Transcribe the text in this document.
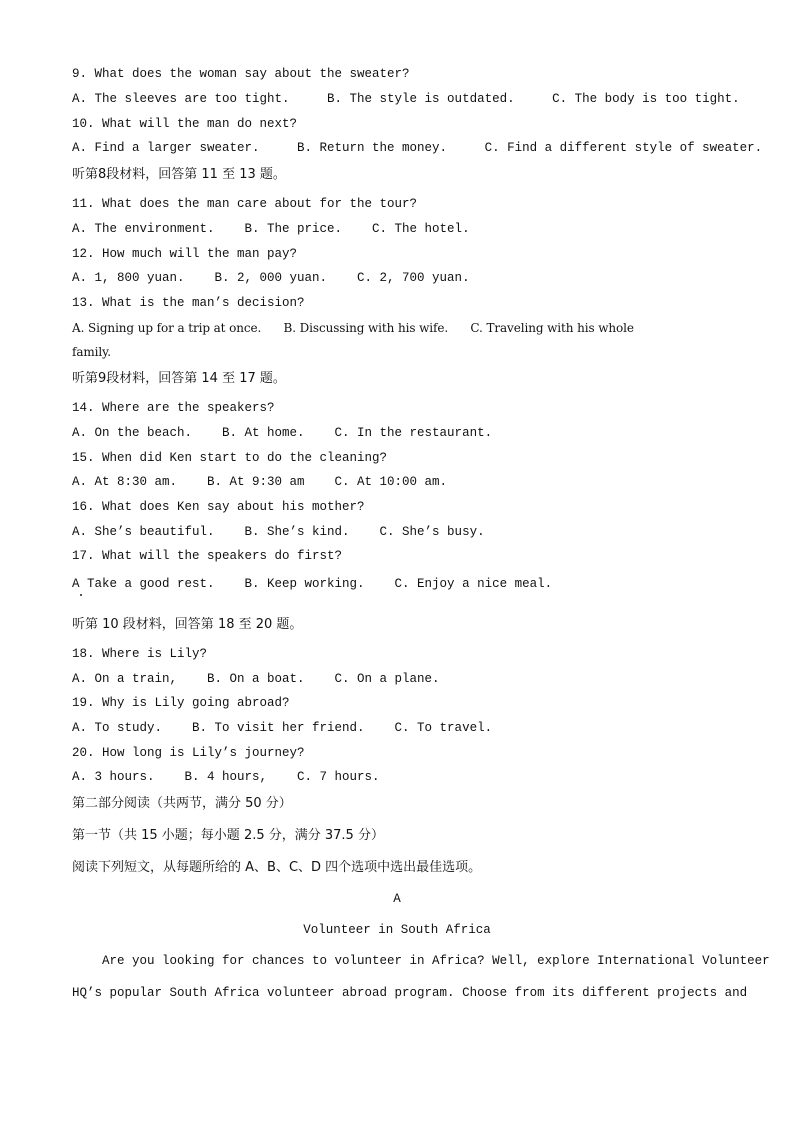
9. What does the woman say about the sweater?
A. The sleeves are too tight.     B. The style is outdated.     C. The body is too tight.
10. What will the man do next?
A. Find a larger sweater.     B. Return the money.     C. Find a different style of sweater.
听第8段材料，回答第 11 至 13 题。
11. What does the man care about for the tour?
A. The environment.    B. The price.    C. The hotel.
12. How much will the man pay?
A. 1, 800 yuan.    B. 2, 000 yuan.    C. 2, 700 yuan.
13. What is the man’s decision?
A. Signing up for a trip at once.      B. Discussing with his wife.      C. Traveling with his whole
family.
听第9段材料，回答第 14 至 17 题。
14. Where are the speakers?
A. On the beach.    B. At home.    C. In the restaurant.
15. When did Ken start to do the cleaning?
A. At 8:30 am.    B. At 9:30 am    C. At 10:00 am.
16. What does Ken say about his mother?
A. She’s beautiful.    B. She’s kind.    C. She’s busy.
17. What will the speakers do first?
A Take a good rest.    B. Keep working.    C. Enjoy a nice meal.
听第 10 段材料，回答第 18 至 20 题。
18. Where is Lily?
A. On a train,    B. On a boat.    C. On a plane.
19. Why is Lily going abroad?
A. To study.    B. To visit her friend.    C. To travel.
20. How long is Lily’s journey?
A. 3 hours.    B. 4 hours,    C. 7 hours.
第二部分阅读（共两节，满分 50 分）
第一节（共 15 小题；每小题 2.5 分，满分 37.5 分）
阅读下列短文，从每题所给的 A、B、C、D 四个选项中选出最佳选项。
A
Volunteer in South Africa
Are you looking for chances to volunteer in Africa? Well, explore International Volunteer
HQ’s popular South Africa volunteer abroad program. Choose from its different projects and
